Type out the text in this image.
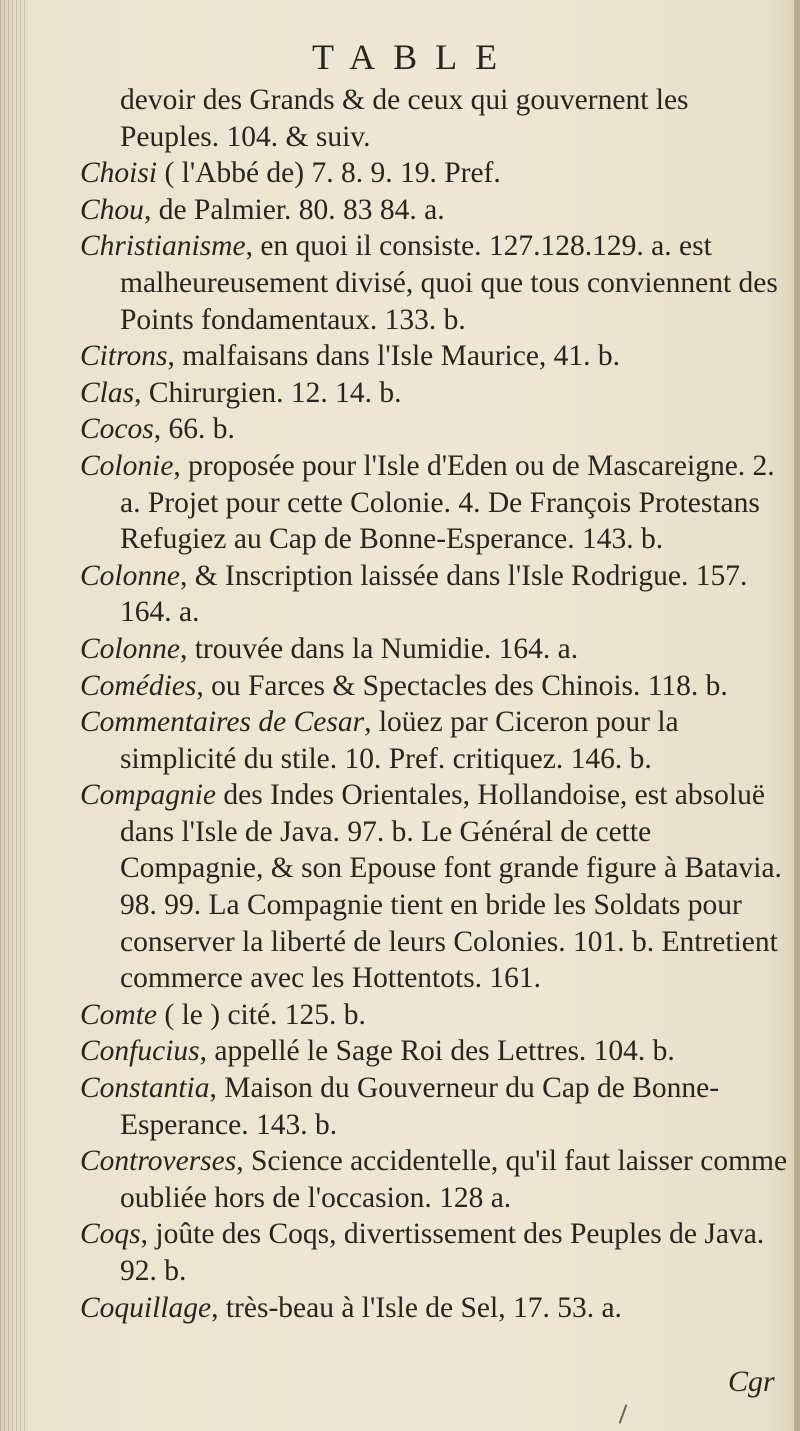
TABLE

devoir des Grands & de ceux qui gouvernent les Peuples. 104. & suiv.

Choisi ( l'Abbé de) 7. 8. 9. 19. Pref.

Chou, de Palmier. 80. 83 84. a.

Christianisme, en quoi il consiste. 127.128.129. a. est malheureusement divisé, quoi que tous conviennent des Points fondamentaux. 133. b.

Citrons, malfaisans dans l'Isle Maurice, 41. b.

Clas, Chirurgien. 12. 14. b.

Cocos, 66. b.

Colonie, proposée pour l'Isle d'Eden ou de Mascareigne. 2. a. Projet pour cette Colonie. 4. De François Protestans Refugiez au Cap de Bonne-Esperance. 143. b.

Colonne, & Inscription laissée dans l'Isle Rodrigue. 157. 164. a.

Colonne, trouvée dans la Numidie. 164. a.

Comédies, ou Farces & Spectacles des Chinois. 118. b.

Commentaires de Cesar, loüez par Ciceron pour la simplicité du stile. 10. Pref. critiquez. 146. b.

Compagnie des Indes Orientales, Hollandoise, est absoluë dans l'Isle de Java. 97. b. Le Général de cette Compagnie, & son Epouse font grande figure à Batavia. 98. 99. La Compagnie tient en bride les Soldats pour conserver la liberté de leurs Colonies. 101. b. Entretient commerce avec les Hottentots. 161.

Comte ( le ) cité. 125. b.

Confucius, appellé le Sage Roi des Lettres. 104. b.

Constantia, Maison du Gouverneur du Cap de Bonne-Esperance. 143. b.

Controverses, Science accidentelle, qu'il faut laisser comme oubliée hors de l'occasion. 128 a.

Coqs, joûte des Coqs, divertissement des Peuples de Java. 92. b.

Coquillage, très-beau à l'Isle de Sel, 17. 53. a.

Cgr
